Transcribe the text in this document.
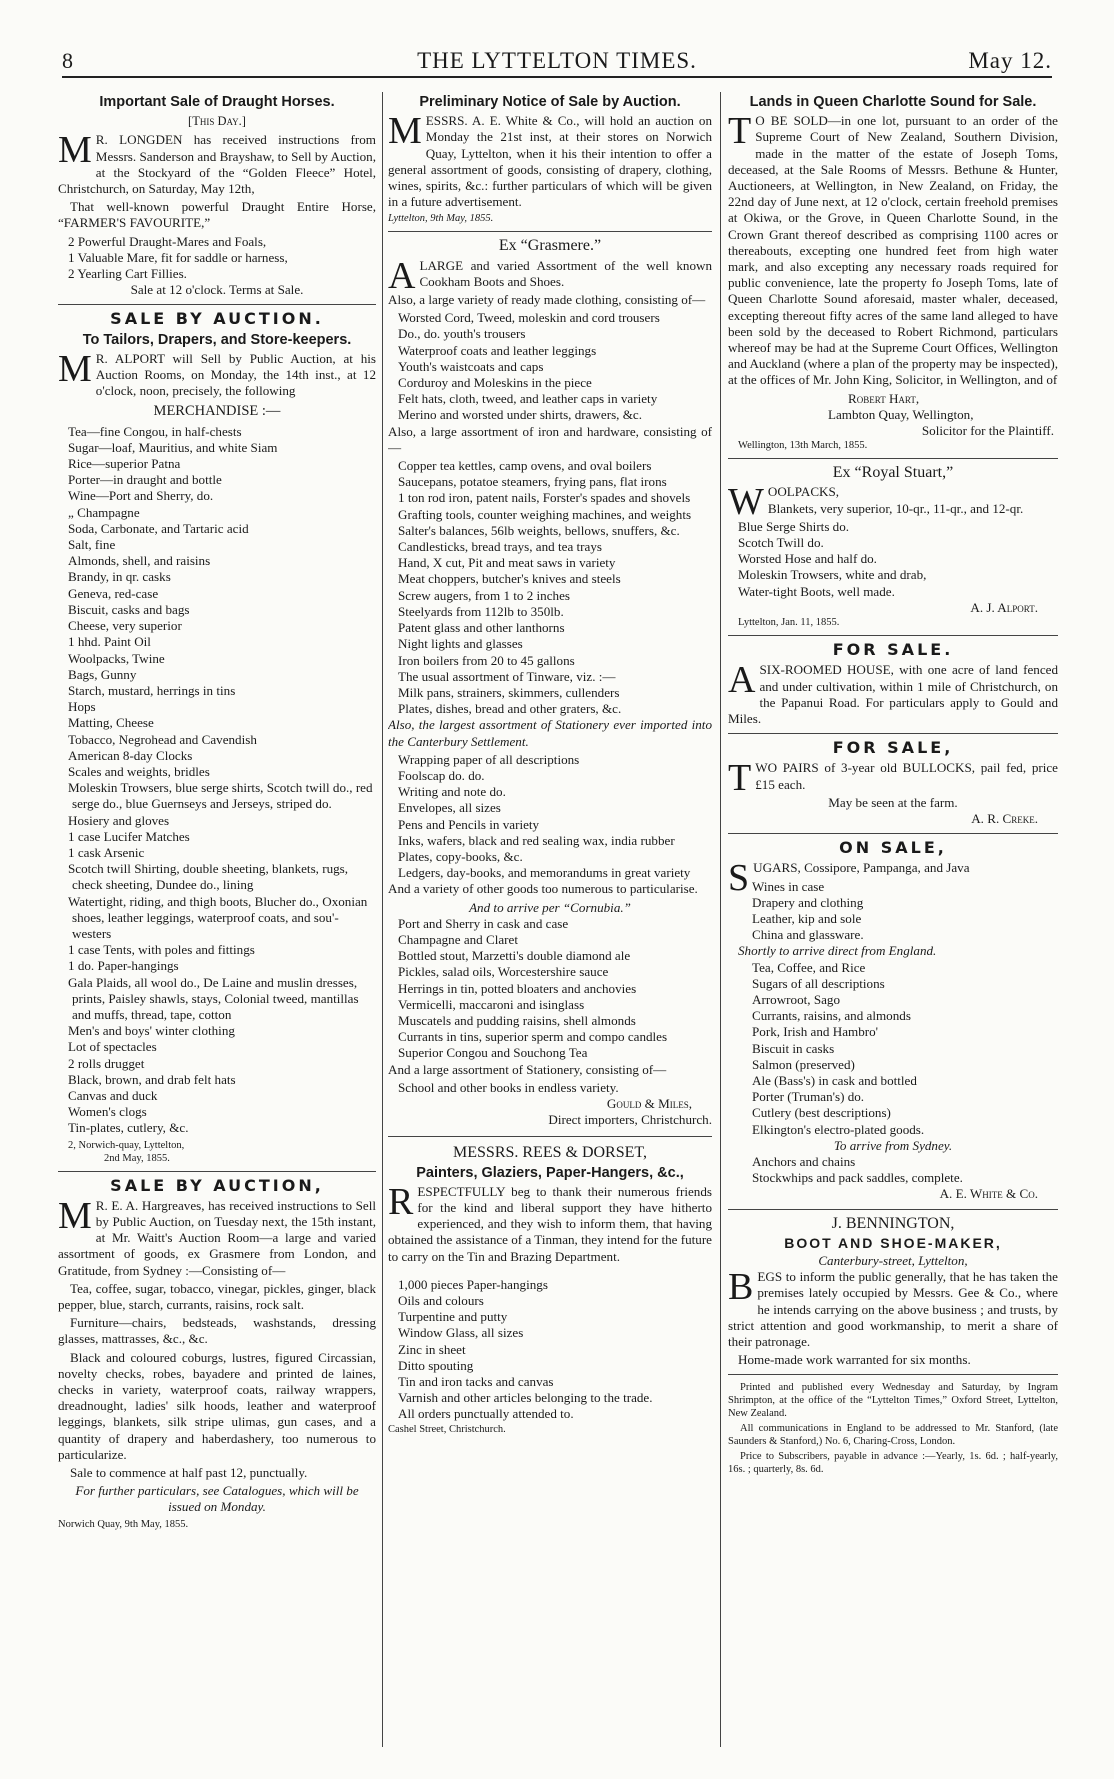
8	THE LYTTELTON TIMES.	May 12.
Important Sale of Draught Horses.
[This Day.]

M R. LONGDEN has received instructions from Messrs. Sanderson and Brayshaw, to Sell by Auction, at the Stockyard of the “Golden Fleece” Hotel, Christchurch, on Saturday, May 12th,

That well-known powerful Draught Entire Horse, “FARMER'S FAVOURITE,”

2 Powerful Draught-Mares and Foals,
1 Valuable Mare, fit for saddle or harness,
2 Yearling Cart Fillies.
Sale at 12 o'clock. Terms at Sale.
SALE BY AUCTION.
To Tailors, Drapers, and Store-keepers.

M R. ALPORT will Sell by Public Auction, at his Auction Rooms, on Monday, the 14th inst., at 12 o'clock, noon, precisely, the following

MERCHANDISE :—
Tea—fine Congou, in half-chests
Sugar—loaf, Mauritius, and white Siam
Rice—superior Patna
Porter—in draught and bottle
Wine—Port and Sherry, do.
„ Champagne
Soda, Carbonate, and Tartaric acid
Salt, fine
Almonds, shell, and raisins
Brandy, in qr. casks
Geneva, red-case
Biscuit, casks and bags
Cheese, very superior
1 hhd. Paint Oil
Woolpacks, Twine
Bags, Gunny
Starch, mustard, herrings in tins
Hops
Matting, Cheese
Tobacco, Negrohead and Cavendish
American 8-day Clocks
Scales and weights, bridles
Moleskin Trowsers, blue serge shirts, Scotch twill do., red serge do., blue Guernseys and Jerseys, striped do.
Hosiery and gloves
1 case Lucifer Matches
1 cask Arsenic
Scotch twill Shirting, double sheeting, blankets, rugs, check sheeting, Dundee do., lining
Watertight, riding, and thigh boots, Blucher do., Oxonian shoes, leather leggings, waterproof coats, and sou'-westers
1 case Tents, with poles and fittings
1 do. Paper-hangings
Gala Plaids, all wool do., De Laine and muslin dresses, prints, Paisley shawls, stays, Colonial tweed, mantillas and muffs, thread, tape, cotton
Men's and boys' winter clothing
Lot of spectacles
2 rolls drugget
Black, brown, and drab felt hats
Canvas and duck
Women's clogs
Tin-plates, cutlery, &c.
2, Norwich-quay, Lyttelton,
2nd May, 1855.
SALE BY AUCTION,

M R. E. A. Hargreaves, has received instructions to Sell by Public Auction, on Tuesday next, the 15th instant, at Mr. Waitt's Auction Room—a large and varied assortment of goods, ex Grasmere from London, and Gratitude, from Sydney :—Consisting of—

Tea, coffee, sugar, tobacco, vinegar, pickles, ginger, black pepper, blue, starch, currants, raisins, rock salt.

Furniture—chairs, bedsteads, washstands, dressing glasses, mattrasses, &c., &c.

Black and coloured coburgs, lustres, figured Circassian, novelty checks, robes, bayadere and printed de laines, checks in variety, waterproof coats, railway wrappers, dreadnought, ladies' silk hoods, leather and waterproof leggings, blankets, silk stripe ulimas, gun cases, and a quantity of drapery and haberdashery, too numerous to particularize.

Sale to commence at half past 12, punctually.

For further particulars, see Catalogues, which will be issued on Monday.

Norwich Quay, 9th May, 1855.
Preliminary Notice of Sale by Auction.

MESSRS. A. E. White & Co., will hold an auction on Monday the 21st inst, at their stores on Norwich Quay, Lyttelton, when it his their intention to offer a general assortment of goods, consisting of drapery, clothing, wines, spirits, &c.: further particulars of which will be given in a future advertisement.

Lyttelton, 9th May, 1855.
Ex “Grasmere.”

ALARGE and varied Assortment of the well known Cookham Boots and Shoes.

Also, a large variety of ready made clothing, consisting of—

Worsted Cord, Tweed, moleskin and cord trousers
Do., do. youth's trousers
Waterproof coats and leather leggings
Youth's waistcoats and caps
Corduroy and Moleskins in the piece
Felt hats, cloth, tweed, and leather caps in variety
Merino and worsted under shirts, drawers, &c.

Also, a large assortment of iron and hardware, consisting of—

Copper tea kettles, camp ovens, and oval boilers
Saucepans, potatoe steamers, frying pans, flat irons
1 ton rod iron, patent nails, Forster's spades and shovels
Grafting tools, counter weighing machines, and weights
Salter's balances, 56lb weights, bellows, snuffers, &c.
Candlesticks, bread trays, and tea trays
Hand, X cut, Pit and meat saws in variety
Meat choppers, butcher's knives and steels
Screw augers, from 1 to 2 inches
Steelyards from 112lb to 350lb.
Patent glass and other lanthorns
Night lights and glasses
Iron boilers from 20 to 45 gallons
The usual assortment of Tinware, viz. :—
Milk pans, strainers, skimmers, cullenders
Plates, dishes, bread and other graters, &c.

Also, the largest assortment of Stationery ever imported into the Canterbury Settlement.

Wrapping paper of all descriptions
Foolscap do. do.
Writing and note do.
Envelopes, all sizes
Pens and Pencils in variety
Inks, wafers, black and red sealing wax, india rubber
Plates, copy-books, &c.
Ledgers, day-books, and memorandums in great variety

And a variety of other goods too numerous to particularise.

And to arrive per “Cornubia.”
Port and Sherry in cask and case
Champagne and Claret
Bottled stout, Marzetti's double diamond ale
Pickles, salad oils, Worcestershire sauce
Herrings in tin, potted bloaters and anchovies
Vermicelli, maccaroni and isinglass
Muscatels and pudding raisins, shell almonds
Currants in tins, superior sperm and compo candles
Superior Congou and Souchong Tea

And a large assortment of Stationery, consisting of—

School and other books in endless variety.
Gould & Miles,
Direct importers, Christchurch.
MESSRS. REES & DORSET,
Painters, Glaziers, Paper-Hangers, &c.,

RESPECTFULLY beg to thank their numerous friends for the kind and liberal support they have hitherto experienced, and they wish to inform them, that having obtained the assistance of a Tinman, they intend for the future to carry on the Tin and Brazing Department.

1,000 pieces Paper-hangings
Oils and colours
Turpentine and putty
Window Glass, all sizes
Zinc in sheet
Ditto spouting
Tin and iron tacks and canvas
Varnish and other articles belonging to the trade.
All orders punctually attended to.
Cashel Street, Christchurch.
Lands in Queen Charlotte Sound for Sale.

T O BE SOLD—in one lot, pursuant to an order of the Supreme Court of New Zealand, Southern Division, made in the matter of the estate of Joseph Toms, deceased, at the Sale Rooms of Messrs. Bethune & Hunter, Auctioneers, at Wellington, in New Zealand, on Friday, the 22nd day of June next, at 12 o'clock, certain freehold premises at Okiwa, or the Grove, in Queen Charlotte Sound, in the Crown Grant thereof described as comprising 1100 acres or thereabouts, excepting one hundred feet from high water mark, and also excepting any necessary roads required for public convenience, late the property fo Joseph Toms, late of Queen Charlotte Sound aforesaid, master whaler, deceased, excepting thereout fifty acres of the same land alleged to have been sold by the deceased to Robert Richmond, particulars whereof may be had at the Supreme Court Offices, Wellington and Auckland (where a plan of the property may be inspected), at the offices of Mr. John King, Solicitor, in Wellington, and of

Robert Hart,
Lambton Quay, Wellington,
Solicitor for the Plaintiff.
Wellington, 13th March, 1855.
Ex “Royal Stuart,”

WOOLPACKS,
Blankets, very superior, 10-qr., 11-qr., and 12-qr.

Blue Serge Shirts do.
Scotch Twill do.
Worsted Hose and half do.
Moleskin Trowsers, white and drab,
Water-tight Boots, well made.
A. J. Alport.
Lyttelton, Jan. 11, 1855.
FOR SALE.

ASIX-ROOMED HOUSE, with one acre of land fenced and under cultivation, within 1 mile of Christchurch, on the Papanui Road. For particulars apply to Gould and Miles.

FOR SALE,

TWO PAIRS of 3-year old BULLOCKS, pail fed, price £15 each.

May be seen at the farm.
A. R. Creke.
ON SALE,

SUGARS, Cossipore, Pampanga, and Java

Wines in case
Drapery and clothing
Leather, kip and sole
China and glassware.
Shortly to arrive direct from England.
Tea, Coffee, and Rice
Sugars of all descriptions
Arrowroot, Sago
Currants, raisins, and almonds
Pork, Irish and Hambro'
Biscuit in casks
Salmon (preserved)
Ale (Bass's) in cask and bottled
Porter (Truman's) do.
Cutlery (best descriptions)
Elkington's electro-plated goods.
To arrive from Sydney.
Anchors and chains
Stockwhips and pack saddles, complete.
A. E. White & Co.
J. BENNINGTON,
BOOT AND SHOE-MAKER,
Canterbury-street, Lyttelton,

BEGS to inform the public generally, that he has taken the premises lately occupied by Messrs. Gee & Co., where he intends carrying on the above business ; and trusts, by strict attention and good workmanship, to merit a share of their patronage.

Home-made work warranted for six months.

Printed and published every Wednesday and Saturday, by Ingram Shrimpton, at the office of the “Lyttelton Times,” Oxford Street, Lyttelton, New Zealand.

All communications in England to be addressed to Mr. Stanford, (late Saunders & Stanford,) No. 6, Charing-Cross, London.

Price to Subscribers, payable in advance :—Yearly, 1s. 6d. ; half-yearly, 16s. ; quarterly, 8s. 6d.
